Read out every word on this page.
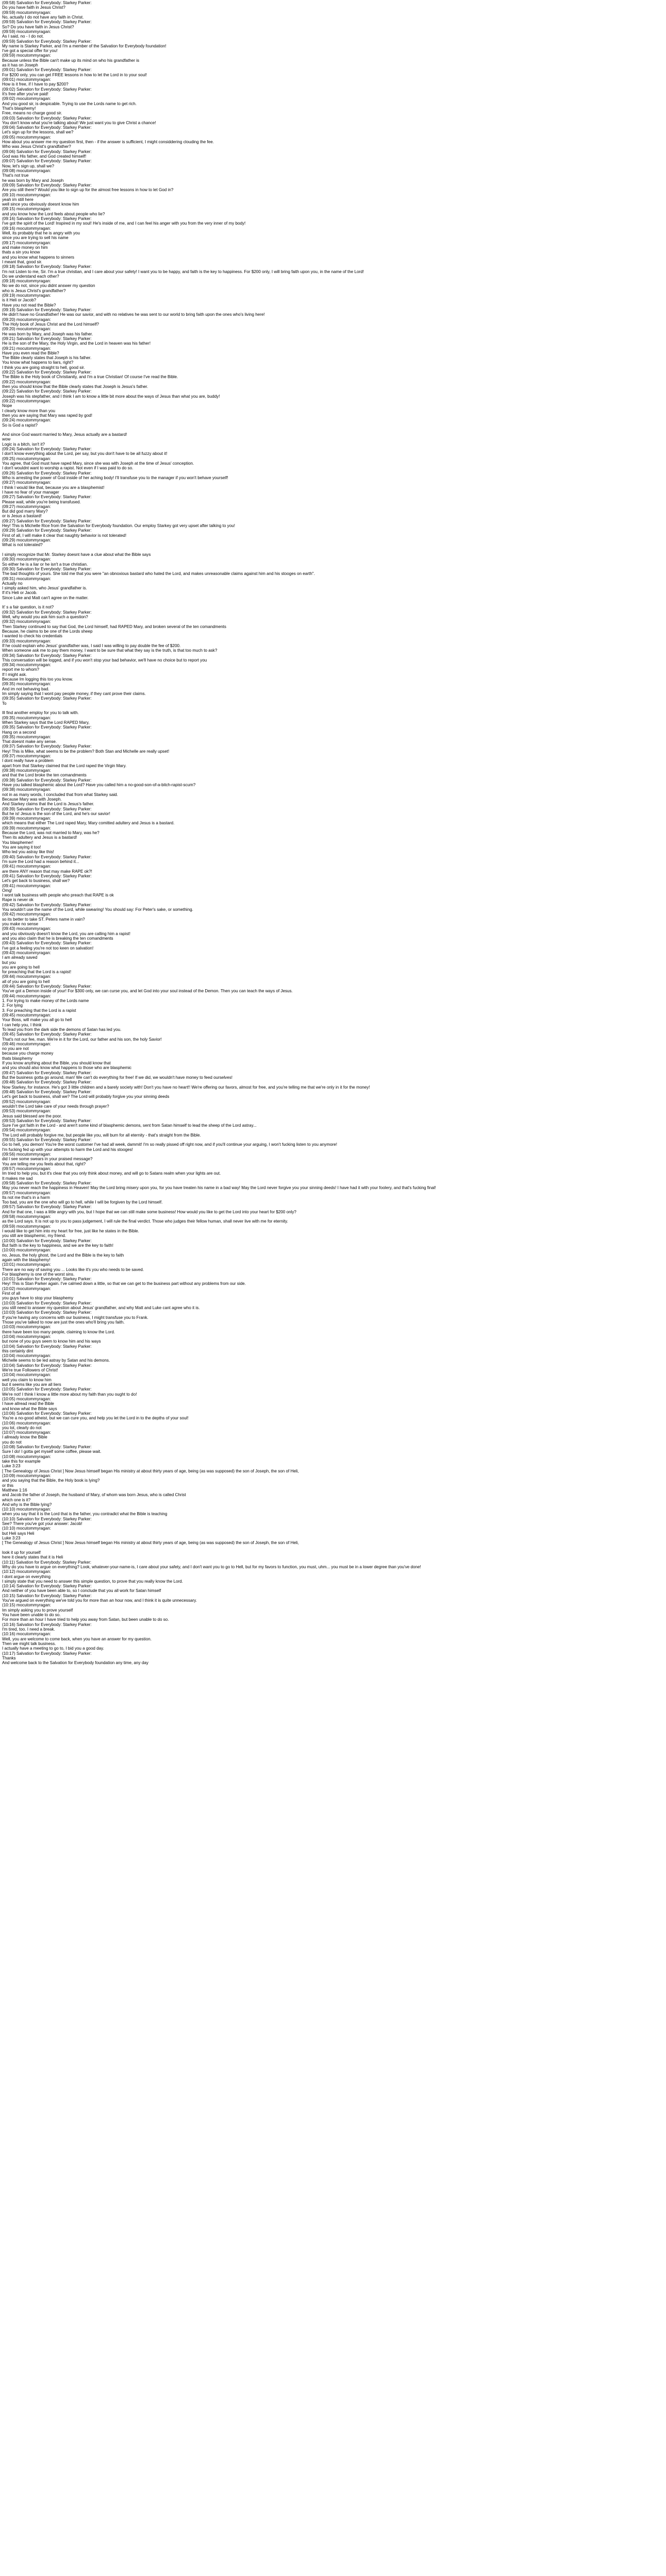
(09:58) Salvation for Everybody: Starkey Parker:
Do you have faith in Jesus Christ?
(09:59) mocutommyragan:
No, actually I do not have any faith in Christ.
(09:59) Salvation for Everybody: Starkey Parker:
So? Do you have faith in Jesus Christ?
(09:59) mocutommyragan:
As I said, no - I do not.
(09:59) Salvation for Everybody: Starkey Parker:
My name is Starkey Parker, and I'm a member of the Salvation for Everybody foundation!
I've got a special offer for you!
(09:59) mocutommyragan:
Because unless the Bible can't make up its mind on who his grandfather is
as it has on Joseph
(09:01) Salvation for Everybody: Starkey Parker:
For $200 only, you can get FREE lessons in how to let the Lord in to your soul!
(09:01) mocutommyragan:
How is it free, if I have to pay $200?
(09:02) Salvation for Everybody: Starkey Parker:
It's free after you've paid!
(09:02) mocutommyragan:
And you good sir, is despicable. Trying to use the Lords name to get rich.
That's blasphemy!
Free, means no charge good sir.
(09:03) Salvation for Everybody: Starkey Parker:
You don't know what you're talking about! We just want you to give Christ a chance!
(09:04) Salvation for Everybody: Starkey Parker:
Let's sign up for the lessons, shall we?
(09:05) mocutommyragan:
How about you answer me my question first, then - if the answer is sufficient, I might considdering clouding the fee.
Who was Jesus Christ's grandfather?
(09:06) Salvation for Everybody: Starkey Parker:
God was His father, and God created himself!
(09:07) Salvation for Everybody: Starkey Parker:
Now, let's sign up, shall we?
(09:08) mocutommyragan:
That's not true
he was born by Mary and Joseph
(09:09) Salvation for Everybody: Starkey Parker:
Are you still there? Would you like to sign up for the almost free lessons in how to let God in?
(09:10) mocutommyragan:
yeah im still here
well since you obviously doesnt know him
(09:15) mocutommyragan:
and you know how the Lord feels about people who lie?
(09:16) Salvation for Everybody: Starkey Parker:
I've got the spirit of the Lord! Inspired in my soul! He's inside of me, and I can feel his anger with you from the very inner of my body!
(09:16) mocutommyragan:
Well, its probably that he is angry with you
since you are trying to sell his name
(09:17) mocutommyragan:
and make money on him
thats a sin you know
and you know what happens to sinners
I meant that, good sir.
(09:18) Salvation for Everybody: Starkey Parker:
I'm not Listen to me, Sir. I'm a true christian, and I care about your safety! I want you to be happy, and faith is the key to happiness. For $200 only, I will bring faith upon you, in the name of the Lord!
Do we understand each other?
(09:18) mocutommyragan:
No we do not, since you didnt answer my question
who is Jesus Christ's grandfather?
(09:19) mocutommyragan:
is it Heli or Jacob?
Have you not read the Bible?
(09:19) Salvation for Everybody: Starkey Parker:
He didn't have no Grandfather! He was our savior, and with no relatives he was sent to our world to bring faith upon the ones who's living here!
(09:20) mocutommyragan:
The Holy book of Jesus Christ and the Lord himself?
(09:20) mocutommyragan:
He was born by Mary, and Joseph was his father.
(09:21) Salvation for Everybody: Starkey Parker:
He is the son of the Mary, the Holy Virgin, and the Lord in heaven was his father!
(09:21) mocutommyragan:
Have you even read the Bible?
The Bible clearly states that Joseph is his father.
You know what happens to liars, right?
I think you are going straight to hell, good sir.
(09:22) Salvation for Everybody: Starkey Parker:
The Bible is the Holy book of Christianity, and I'm a true Christian! Of course I've read the Bible.
(09:22) mocutommyragan:
then you should know that the Bible clearly states that Joseph is Jesus's father.
(09:22) Salvation for Everybody: Starkey Parker:
Joseph was his stepfather, and I think I am to know a little bit more about the ways of Jesus than what you are, buddy!
(09:22) mocutommyragan:
Nope
I clearly know more than you
then you are saying that Mary was raped by god!
(09:24) mocutommyragan:
So is God a rapist?
And since God wasnt married to Mary, Jesus actually are a bastard!
wow
Logic is a bitch, isn't it?
(09:24) Salvation for Everybody: Starkey Parker:
I don't know everything about the Lord, per say, but you don't have to be all fuzzy about it!
(09:25) mocutommyragan:
You agree, that God must have raped Mary, since she was with Joseph at the time of Jesus' conception.
I don't wouldnt want to worship a rapist. Not even if I was paid to do so.
(09:26) Salvation for Everybody: Starkey Parker:
Who is arresting the power of God inside of her aching body! I'll transfuse you to the manager if you won't behave yourself!
(09:27) mocutommyragan:
I think I would like that, because you are a blasphemist!
I have no fear of your manager
(09:27) Salvation for Everybody: Starkey Parker:
Please wait, while you're being transfused.
(09:27) mocutommyragan:
But did god marry Mary?
or is Jesus a bastard!
(09:27) Salvation for Everybody: Starkey Parker:
Hey! This is Michelle Rice from the Salvation for Everybody foundation. Our employ Starkey got very upset after talking to you!
(09:29) Salvation for Everybody: Starkey Parker:
First of all, I will make it clear that naughty behavior is not tolerated!
(09:29) mocutommyragan:
What is not tolerated?
I simply recognize that Mr. Starkey doesnt have a clue about what the Bible says
(09:30) mocutommyragan:
So either he is a liar or he isn't a true christian.
(09:30) Salvation for Everybody: Starkey Parker:
The bad thoughts of yours. She told me that you were "an obnoxious bastard who hated the Lord, and makes unreasonable claims against him and his stooges on earth".
(09:31) mocutommyragan:
Actually no
I simply asked him, who Jesus' grandfather is.
If it's Heli or Jacob.
Since Luke and Matt can't agree on the matter.
It' s a fair question, is it not?
(09:32) Salvation for Everybody: Starkey Parker:
Well, why would you ask him such a question?
(09:32) mocutommyragan:
Then Starkey continued to say that God, the Lord himself, had RAPED Mary, and broken several of the ten comandments
Because, he claims to be one of the Lords sheep
I wanted to check his credentials
(09:33) mocutommyragan:
If he could explain who Jesus' grandfather was, I said I was willing to pay double the fee of $200.
When someone ask me to pay them money, I want to be sure that what they say is the truth, is that too much to ask?
(09:34) Salvation for Everybody: Starkey Parker:
This conversation will be logged, and if you won't stop your bad behavior, we'll have no choice but to report you
(09:34) mocutommyragan:
report me to whom?
If I might ask.
Because Im logging this too you know.
(09:35) mocutommyragan:
And im not behaving bad.
Im simply saying that I wont pay people money, if they cant prove their claims.
(09:35) Salvation for Everybody: Starkey Parker:
To
Ill find another employ for you to talk with.
(09:35) mocutommyragan:
When Starkey says that the Lord RAPED Mary,
(09:35) Salvation for Everybody: Starkey Parker:
Hang on a second
(09:35) mocutommyragan:
That doesnt make any sense.
(09:37) Salvation for Everybody: Starkey Parker:
Hey! This is Mike, what seems to be the problem? Both Stan and Michelle are really upset!
(09:37) mocutommyragan:
I dont really have a problem
apart from that Starkey claimed that the Lord raped the Virgin Mary.
(09:38) mocutommyragan:
and that the Lord broke the ten comandments
(09:38) Salvation for Everybody: Starkey Parker:
Have you talked blasphemic about the Lord? Have you called him a no-good-son-of-a-bitch-rapist-scum?
(09:38) mocutommyragan:
not in as many words, I concluded that from what Starkey said.
Because Mary was with Joseph.
And Starkey claims that the Lord is Jesus's father.
(09:39) Salvation for Everybody: Starkey Parker:
But he is! Jesus is the son of the Lord, and he's our savior!
(09:39) mocutommyragan:
which means that either The Lord raped Mary, Mary comitted adultery and Jesus is a bastard.
(09:39) mocutommyragan:
Because the Lord, was not married to Mary, was he?
Then its adultery and Jesus is a bastard!
You blasphemer!
You are saying it too!
Who led you astray like this!
(09:40) Salvation for Everybody: Starkey Parker:
I'm sure the Lord had a reason behind it...
(09:41) mocutommyragan:
are there ANY reason that may make RAPE ok?!
(09:41) Salvation for Everybody: Starkey Parker:
Let's get back to business, shall we?
(09:41) mocutommyragan:
Omg!
I wont talk business with people who preach that RAPE is ok
Rape is never ok
(09:42) Salvation for Everybody: Starkey Parker:
You wouldn't use the name of the Lord, while swearing! You should say: For Peter's sake, or something.
(09:42) mocutommyragan:
so its better to take ST. Peters name in vain?
you make no sense
(09:43) mocutommyragan:
and you obviously doesn't know the Lord, you are calling him a rapist!
and you also claim that he is breaking the ten comandments
(09:43) Salvation for Everybody: Starkey Parker:
I've got a feeling you're not too keen on salvation!
(09:43) mocutommyragan:
I am already saved
but you
you are going to hell
for preaching that the Lord is a rapist!
(09:44) mocutommyragan:
all of you are going to hell
(09:44) Salvation for Everybody: Starkey Parker:
You've got a Demon inside of your! For $300 only, we can curse you, and let God into your soul instead of the Demon. Then you can teach the ways of Jesus.
(09:44) mocutommyragan:
1. For trying to make money of the Lords name
2. For lying
3. For preaching that the Lord is a rapist
(09:45) mocutommyragan:
Your Boss, will make you all go to hell
I can help you, I think
To lead you from the dark side the demons of Satan has led you.
(09:45) Salvation for Everybody: Starkey Parker:
That's not our fee, man. We're in it for the Lord, our father and his son, the holy Savior!
(09:46) mocutommyragan:
no you are not
because you charge money
thats blasphemy
If you know anything about the Bible, you should know that
and you should also know what happens to those who are blasphemic
(09:47) Salvation for Everybody: Starkey Parker:
But the business gotta go around, man! We can't do everything for free! If we did, we wouldn't have money to feed ourselves!
(09:48) Salvation for Everybody: Starkey Parker:
Now Starkey, for instance. He's got 3 little children and a barely society with! Don't you have no heart!! We're offering our favors, almost for free, and you're telling me that we're only in it for the money!
(09:48) Salvation for Everybody: Starkey Parker:
Let's get back to business, shall we? The Lord will probably forgive you your sinning deeds
(09:52) mocutommyragan:
wouldn't the Lord take care of your needs through prayer?
(09:53) mocutommyragan:
Jesus said blessed are the poor.
(09:53) Salvation for Everybody: Starkey Parker:
Sure I've got faith in the Lord - and aren't some kind of blasphemic demons, sent from Satan himself to lead the sheep of the Lord astray...
(09:54) mocutommyragan:
The Lord will probably forgive me, but people like you, will burn for all eternity - that's straight from the Bible.
(09:55) Salvation for Everybody: Starkey Parker:
Go to hell, you demon! You're the worst customer I've had all week, dammit! I'm so really pissed off right now, and if you'll continue your arguing, I won't fucking listen to you anymore!
I'm fucking fed up with your attempts to harm the Lord and his stooges!
(09:56) mocutommyragan:
did I see some swears in your praised message?
You are telling me you feels about that, right?
(09:57) mocutommyragan:
Im tried to help you, but it's clear that you only think about money, and will go to Satans realm when your lights are out.
It makes me sad
(09:58) Salvation for Everybody: Starkey Parker:
May you never reach the happiness in Heaven! May the Lord bring misery upon you, for you have treaten his name in a bad way! May the Lord never forgive you your sinning deeds! I have had it with your foolery, and that's fucking final!
(09:57) mocutommyragan:
Its not me that's in a harm
Too bad, you are the one who will go to hell, while I will be forgiven by the Lord himself.
(09:57) Salvation for Everybody: Starkey Parker:
And for that one, I was a little angry with you, but I hope that we can still make some business! How would you like to get the Lord into your heart for $200 only?
(09:58) mocutommyragan:
as the Lord says. It is not up to you to pass judgement, I will rule the final verdict. Those who judges their fellow human, shall never live with me for eternity.
(09:59) mocutommyragan:
I would like to get him into my heart for free, just like he states in the Bible.
you still are blasphemic, my friend.
(10:00) Salvation for Everybody: Starkey Parker:
But faith is the key to happiness, and we are the key to faith!
(10:00) mocutommyragan:
no, Jesus, the holy ghost, the Lord and the Bible is the key to faith
again with the blasphemy!
(10:01) mocutommyragan:
There are no way of saving you ... Looks like it's you who needs to be saved.
For blasphemy is one of the worst sins.
(10:01) Salvation for Everybody: Starkey Parker:
Hey! This is Stan Parker again. I've calmed down a little, so that we can get to the business part without any problems from our side.
(10:02) mocutommyragan:
First of all
you guys have to stop your blasphemy
(10:03) Salvation for Everybody: Starkey Parker:
you still need to answer my question about Jesus' grandfather, and why Matt and Luke cant agree who it is.
(10:03) Salvation for Everybody: Starkey Parker:
If you're having any concerns with our business, I might transfuse you to Frank.
Those you've talked to now are just the ones who'll bring you faith.
(10:03) mocutommyragan:
there have been too many people, claiming to know the Lord.
(10:04) mocutommyragan:
but none of you guys seem to know him and his ways
(10:04) Salvation for Everybody: Starkey Parker:
this certainly dint
(10:04) mocutommyragan:
Michelle seems to be led astray by Satan and his demons.
(10:04) Salvation for Everybody: Starkey Parker:
We're true Followers of Christ!
(10:04) mocutommyragan:
well you claim to know him
but it seems like you are all liers
(10:05) Salvation for Everybody: Starkey Parker:
We're not! I think I know a little more about my faith than you ought to do!
(10:05) mocutommyragan:
I have allread read the Bible
and know what the Bible says
(10:06) Salvation for Everybody: Starkey Parker:
You're a no-good atheist, but we can cure you, and help you let the Lord in to the depths of your soul!
(10:06) mocutommyragan:
you lot, clearly do not
(10:07) mocutommyragan:
I allready know the Bible
you do not
(10:08) Salvation for Everybody: Starkey Parker:
Sure I do! I gotta get myself some coffee, please wait.
(10:08) mocutommyragan:
take this for example
Luke 3:23
[ The Genealogy of Jesus Christ ] Now Jesus himself began His ministry at about thirty years of age, being (as was supposed) the son of Joseph, the son of Heli,
(10:09) mocutommyragan:
and you saying that the Bible, the Holy book is lying?
or this
Matthew 1:16
and Jacob the father of Joseph, the husband of Mary, of whom was born Jesus, who is called Christ
which one is it?
And why is the Bible lying?
(10:10) mocutommyragan:
when you say that it is the Lord that is the father, you contradict what the Bible is teaching
(10:10) Salvation for Everybody: Starkey Parker:
See? There you've got your answer: Jacob!
(10:10) mocutommyragan:
but Heli says Heli
Luke 3:23
[ The Genealogy of Jesus Christ ] Now Jesus himself began His ministry at about thirty years of age, being (as was supposed) the son of Joseph, the son of Heli,
look it up for yourself
here it clearly states that it is Heli
(10:11) Salvation for Everybody: Starkey Parker:
Why do you have to argue on everything? Look, whatever-your-name-is, I care about your safety, and I don't want you to go to Hell, but for my favors to function, you must, uhm... you must be in a lower degree than you've done!
(10:12) mocutommyragan:
I dont argue on everything
I simply state that you need to answer this simple question, to prove that you really know the Lord.
(10:14) Salvation for Everybody: Starkey Parker:
And neither of you have been able to, so I conclude that you all work for Satan himself
(10:15) Salvation for Everybody: Starkey Parker:
You've argued on everything we've told you for more than an hour now, and I think it is quite unnecessary.
(10:15) mocutommyragan:
Im simply asking you to prove yourself
You have been unable to do so.
For more than an hour I have tried to help you away from Satan, but been unable to do so.
(10:16) Salvation for Everybody: Starkey Parker:
I'm tired, too. I need a break.
(10:16) mocutommyragan:
Well, you are welcome to come back, when you have an answer for my question.
Then we might talk business.
I actually have a meeting to go to, I bid you a good day.
(10:17) Salvation for Everybody: Starkey Parker:
Thanks
And welcome back to the Salvation for Everybody foundation any time, any day
